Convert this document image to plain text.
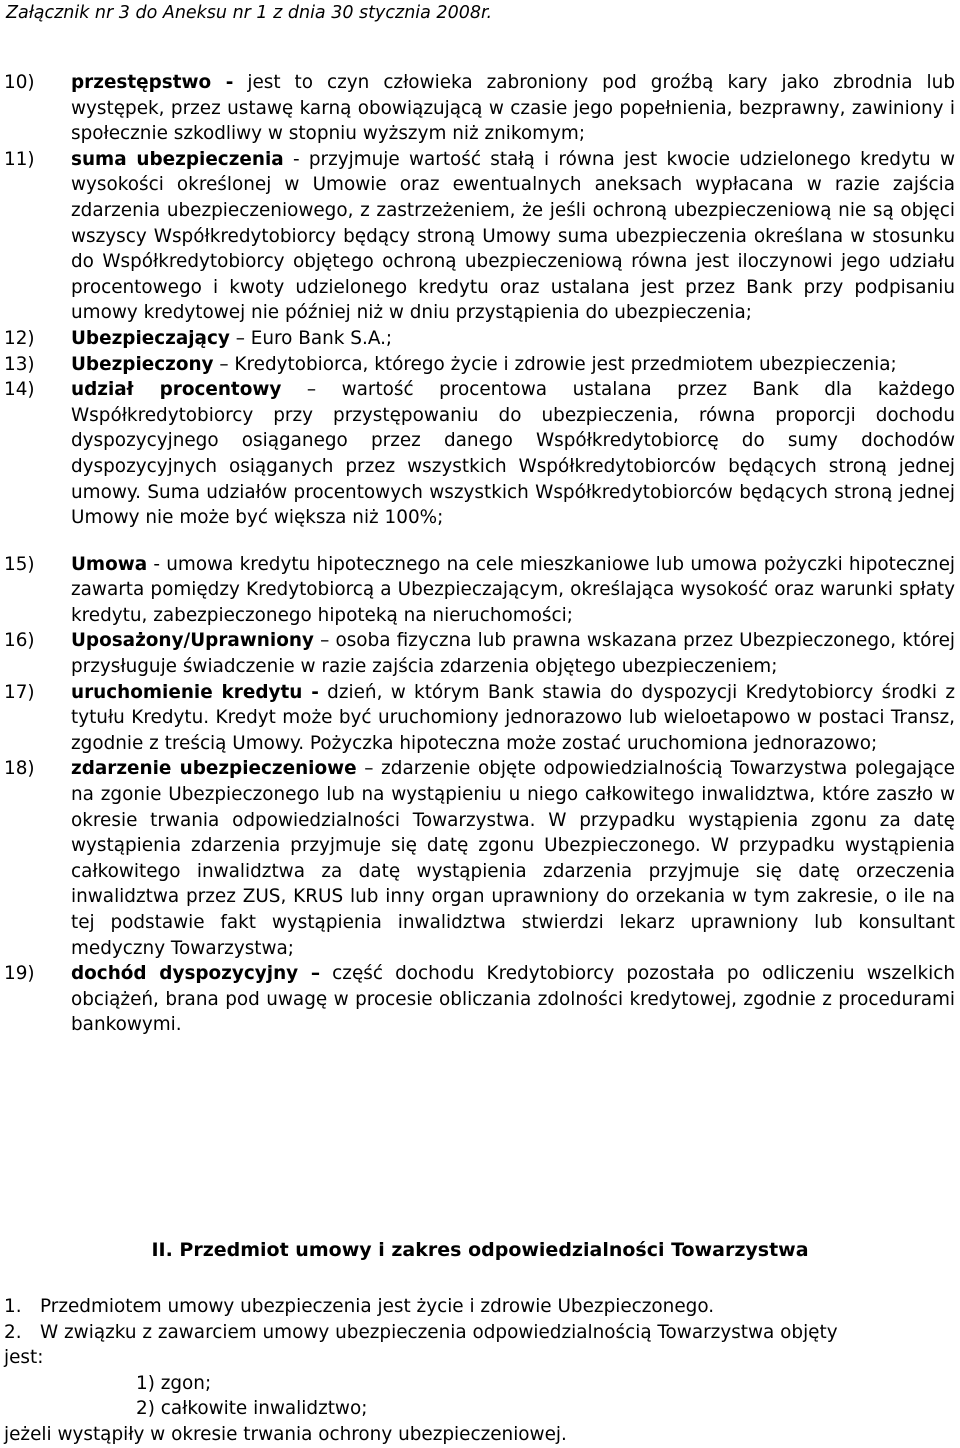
Załącznik nr 3 do Aneksu nr 1 z dnia 30 stycznia 2008r.
10) przestępstwo - jest to czyn człowieka zabroniony pod groźbą kary jako zbrodnia lub występek, przez ustawę karną obowiązującą w czasie jego popełnienia, bezprawny, zawiniony i społecznie szkodliwy w stopniu wyższym niż znikomym;
11) suma ubezpieczenia - przyjmuje wartość stałą i równa jest kwocie udzielonego kredytu w wysokości określonej w Umowie oraz ewentualnych aneksach wypłacana w razie zajścia zdarzenia ubezpieczeniowego, z zastrzeżeniem, że jeśli ochroną ubezpieczeniową nie są objęci wszyscy Współkredytobiorcy będący stroną Umowy suma ubezpieczenia określana w stosunku do Współkredytobiorcy objętego ochroną ubezpieczeniową równa jest iloczynowi jego udziału procentowego i kwoty udzielonego kredytu oraz ustalana jest przez Bank przy podpisaniu umowy kredytowej nie później niż w dniu przystąpienia do ubezpieczenia;
12) Ubezpieczający – Euro Bank S.A.;
13) Ubezpieczony – Kredytobiorca, którego życie i zdrowie jest przedmiotem ubezpieczenia;
14) udział procentowy – wartość procentowa ustalana przez Bank dla każdego Współkredytobiorcy przy przystępowaniu do ubezpieczenia, równa proporcji dochodu dyspozycyjnego osiąganego przez danego Współkredytobiorcę do sumy dochodów dyspozycyjnych osiąganych przez wszystkich Współkredytobiorców będących stroną jednej umowy. Suma udziałów procentowych wszystkich Współkredytobiorców będących stroną jednej Umowy nie może być większa niż 100%;
15) Umowa - umowa kredytu hipotecznego na cele mieszkaniowe lub umowa pożyczki hipotecznej zawarta pomiędzy Kredytobiorcą a Ubezpieczającym, określająca wysokość oraz warunki spłaty kredytu, zabezpieczonego hipoteką na nieruchomości;
16) Uposażony/Uprawniony – osoba fizyczna lub prawna wskazana przez Ubezpieczonego, której przysługuje świadczenie w razie zajścia zdarzenia objętego ubezpieczeniem;
17) uruchomienie kredytu - dzień, w którym Bank stawia do dyspozycji Kredytobiorcy środki z tytułu Kredytu. Kredyt może być uruchomiony jednorazowo lub wieloetapowo w postaci Transz, zgodnie z treścią Umowy. Pożyczka hipoteczna może zostać uruchomiona jednorazowo;
18) zdarzenie ubezpieczeniowe – zdarzenie objęte odpowiedzialnością Towarzystwa polegające na zgonie Ubezpieczonego lub na wystąpieniu u niego całkowitego inwalidztwa, które zaszło w okresie trwania odpowiedzialności Towarzystwa. W przypadku wystąpienia zgonu za datę wystąpienia zdarzenia przyjmuje się datę zgonu Ubezpieczonego. W przypadku wystąpienia całkowitego inwalidztwa za datę wystąpienia zdarzenia przyjmuje się datę orzeczenia inwalidztwa przez ZUS, KRUS lub inny organ uprawniony do orzekania w tym zakresie, o ile na tej podstawie fakt wystąpienia inwalidztwa stwierdzi lekarz uprawniony lub konsultant medyczny Towarzystwa;
19) dochód dyspozycyjny – część dochodu Kredytobiorcy pozostała po odliczeniu wszelkich obciążeń, brana pod uwagę w procesie obliczania zdolności kredytowej, zgodnie z procedurami bankowymi.
II. Przedmiot umowy i zakres odpowiedzialności Towarzystwa
1. Przedmiotem umowy ubezpieczenia jest życie i zdrowie Ubezpieczonego.
2. W związku z zawarciem umowy ubezpieczenia odpowiedzialnością Towarzystwa objęty
jest:
1) zgon;
2) całkowite inwalidztwo;
jeżeli wystąpiły w okresie trwania ochrony ubezpieczeniowej.
